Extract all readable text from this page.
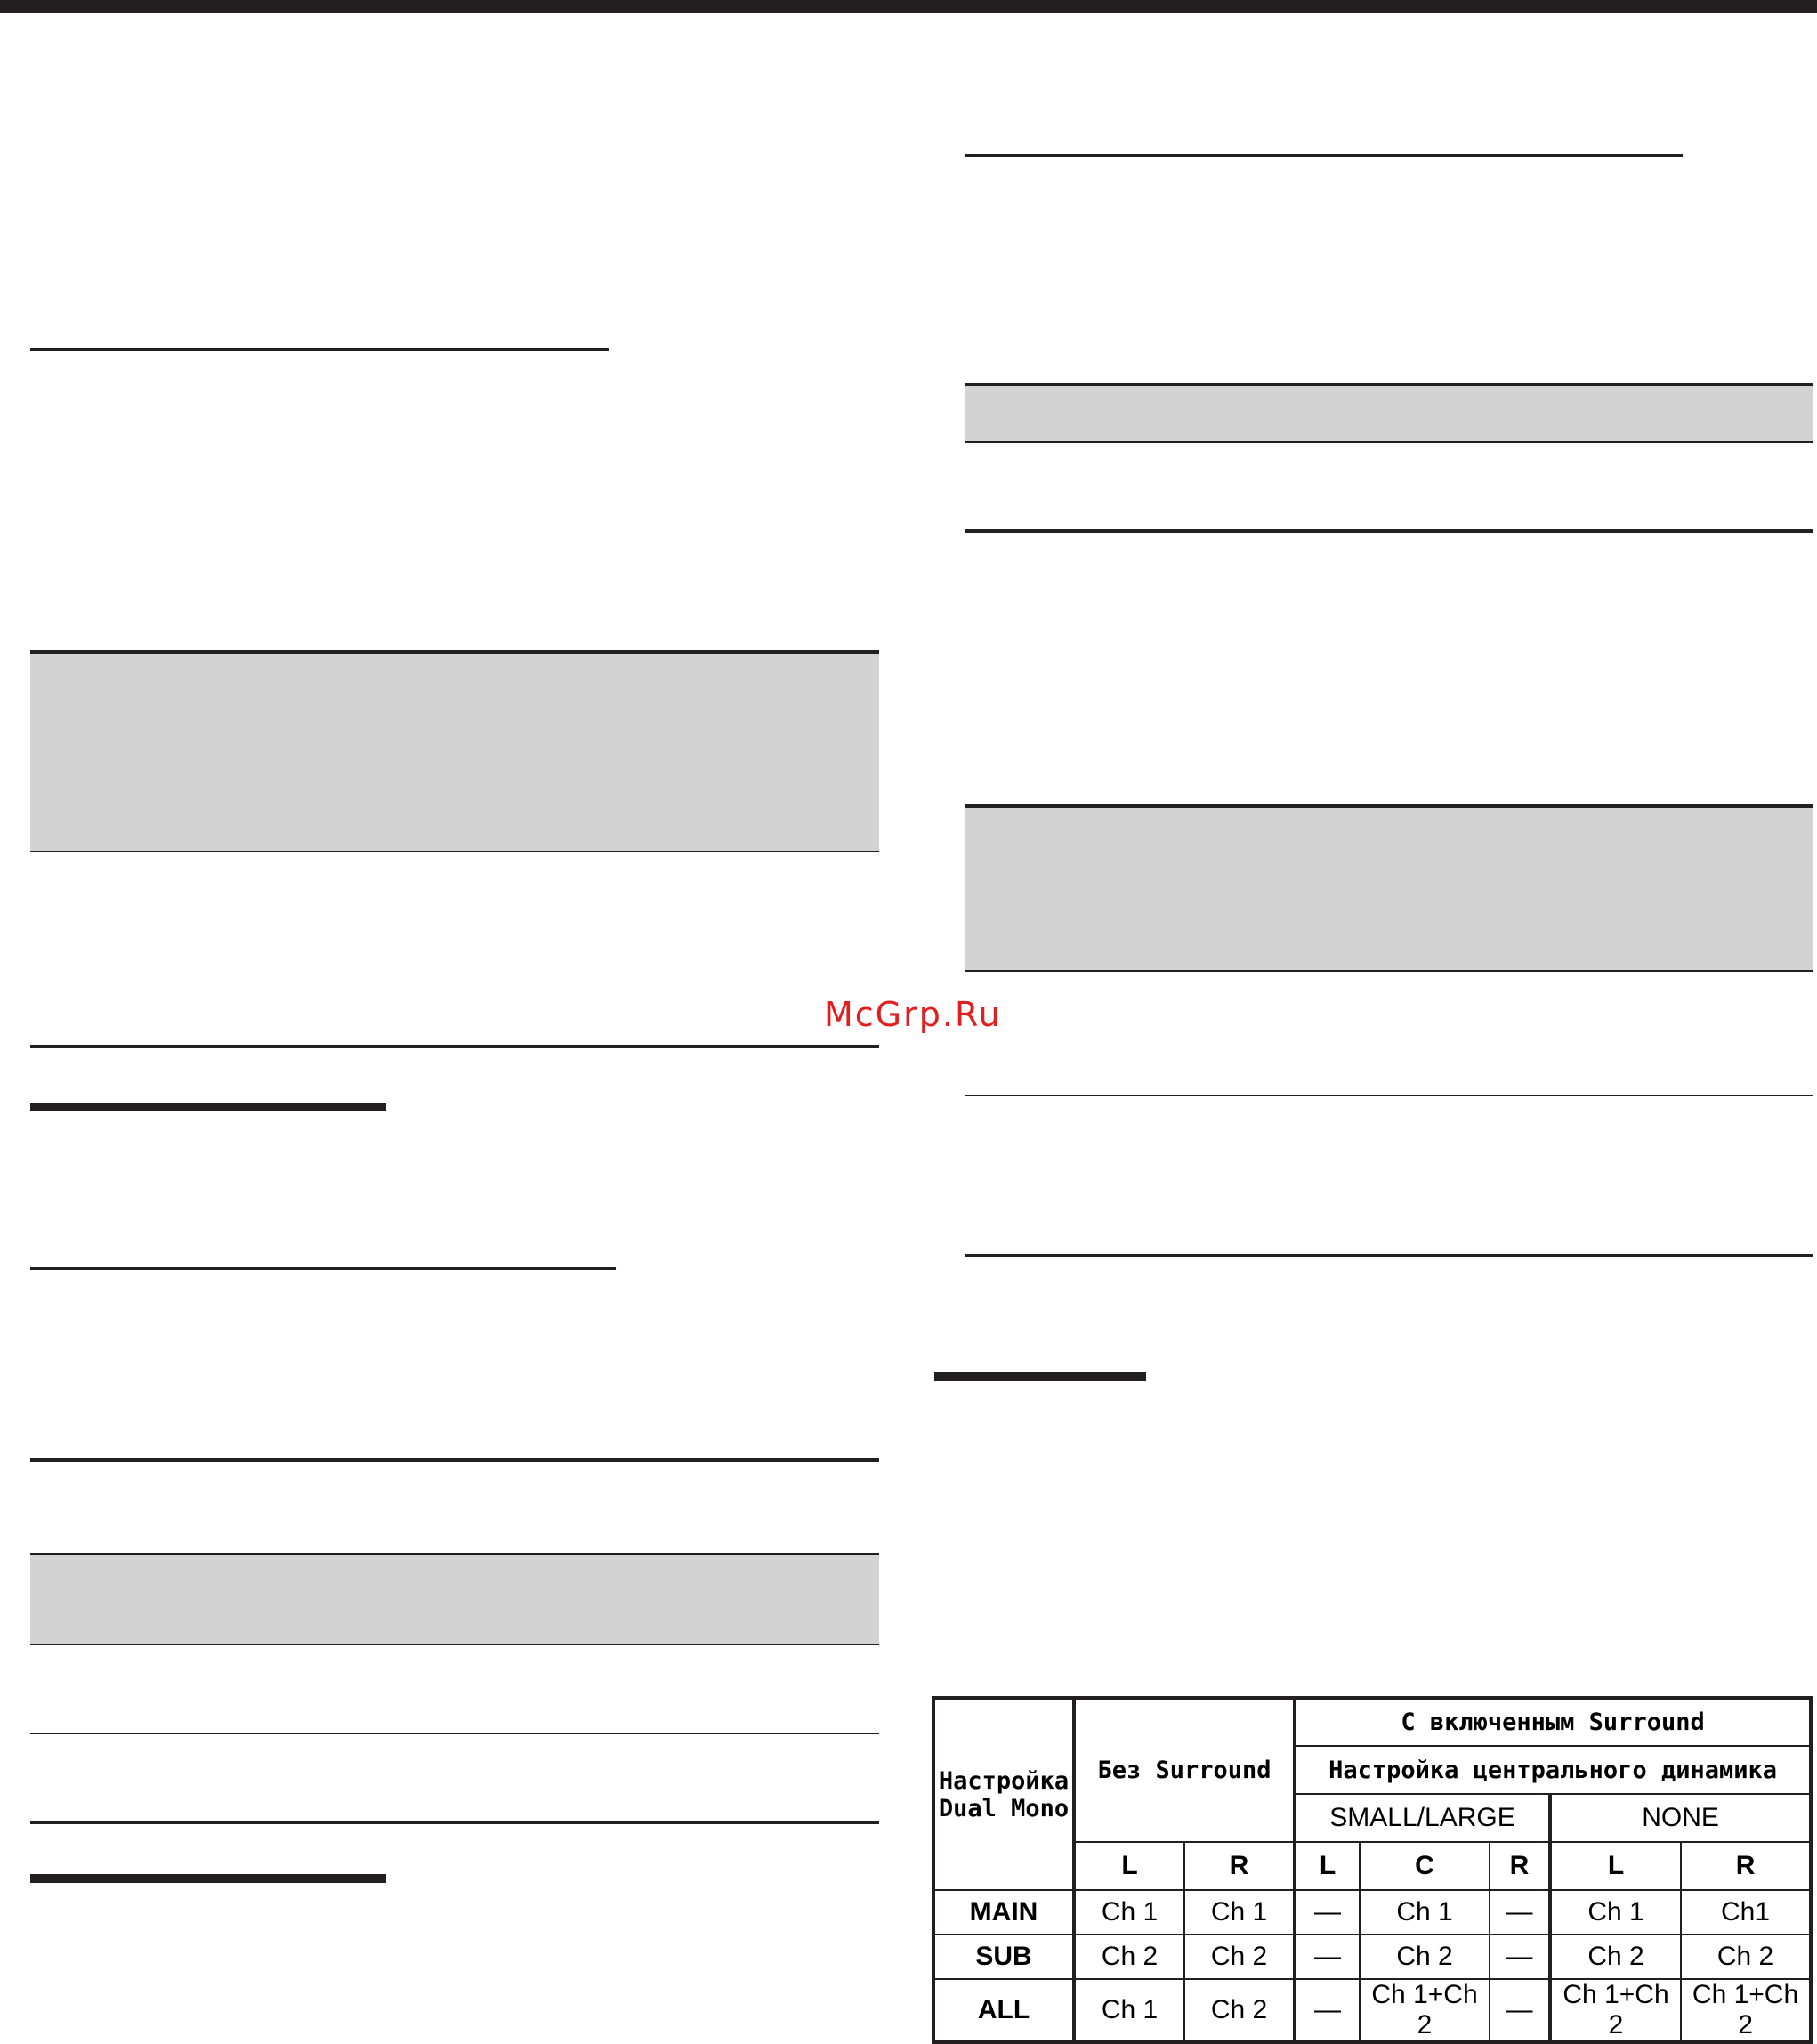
McGrp.Ru
Настройка
Dual Mono	Без Surround		С включенным Surround				
			Настройка центрального динамика				
			SMALL/LARGE			NONE	
	L	R	L	C	R	L	R
MAIN	Ch 1	Ch 1	—	Ch 1	—	Ch 1	Ch1
SUB	Ch 2	Ch 2	—	Ch 2	—	Ch 2	Ch 2
ALL	Ch 1	Ch 2	—	Ch 1+Ch 2	—	Ch 1+Ch 2	Ch 1+Ch 2
